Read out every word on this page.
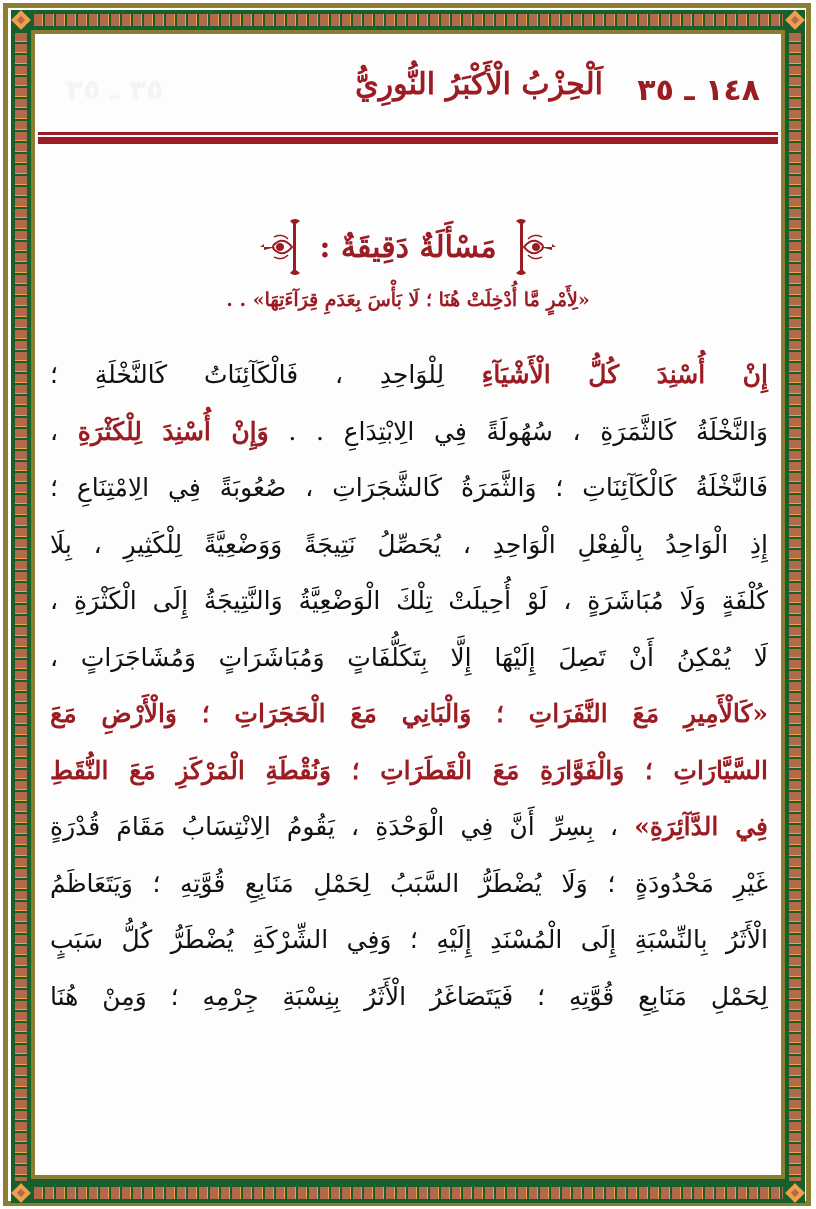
١٤٨ ـ ٣٥
اَلْحِزْبُ الْأَكْبَرُ النُّورِيُّ
٣٥ ـ ٣٥
مَسْأَلَةٌ دَقِيقَةٌ :
«لِأَمْرٍ مَّا أُدْخِلَتْ هُنَا ؛ لَا بَأْسَ بِعَدَمِ قِرَآءَتِهَا» . .
إِنْ أُسْنِدَ كُلُّ الْأَشْيَآءِ لِلْوَاحِدِ ، فَالْكَآئِنَاتُ كَالنَّخْلَةِ ؛
وَالنَّخْلَةُ كَالثَّمَرَةِ ، سُهُولَةً فِي الِابْتِدَاعِ . . وَإِنْ أُسْنِدَ لِلْكَثْرَةِ ،
فَالنَّخْلَةُ كَالْكَآئِنَاتِ ؛ وَالثَّمَرَةُ كَالشَّجَرَاتِ ، صُعُوبَةً فِي الِامْتِنَاعِ ؛
إِذِ الْوَاحِدُ بِالْفِعْلِ الْوَاحِدِ ، يُحَصِّلُ نَتِيجَةً وَوَضْعِيَّةً لِلْكَثِيرِ ، بِلَا
كُلْفَةٍ وَلَا مُبَاشَرَةٍ ، لَوْ أُحِيلَتْ تِلْكَ الْوَضْعِيَّةُ وَالنَّتِيجَةُ إِلَى الْكَثْرَةِ ،
لَا يُمْكِنُ أَنْ تَصِلَ إِلَيْهَا إِلَّا بِتَكَلُّفَاتٍ وَمُبَاشَرَاتٍ وَمُشَاجَرَاتٍ ،
«كَالْأَمِيرِ مَعَ النَّفَرَاتِ ؛ وَالْبَانِي مَعَ الْحَجَرَاتِ ؛ وَالْأَرْضِ مَعَ
السَّيَّارَاتِ ؛ وَالْفَوَّارَةِ مَعَ الْقَطَرَاتِ ؛ وَنُقْطَةِ الْمَرْكَزِ مَعَ النُّقَطِ
فِي الدَّآئِرَةِ» ، بِسِرِّ أَنَّ فِي الْوَحْدَةِ ، يَقُومُ الِانْتِسَابُ مَقَامَ قُدْرَةٍ
غَيْرِ مَحْدُودَةٍ ؛ وَلَا يُضْطَرُّ السَّبَبُ لِحَمْلِ مَنَابِعِ قُوَّتِهِ ؛ وَيَتَعَاظَمُ
الْأَثَرُ بِالنِّسْبَةِ إِلَى الْمُسْنَدِ إِلَيْهِ ؛ وَفِي الشِّرْكَةِ يُضْطَرُّ كُلُّ سَبَبٍ
لِحَمْلِ مَنَابِعِ قُوَّتِهِ ؛ فَيَتَصَاغَرُ الْأَثَرُ بِنِسْبَةِ جِرْمِهِ ؛ وَمِنْ هُنَا
